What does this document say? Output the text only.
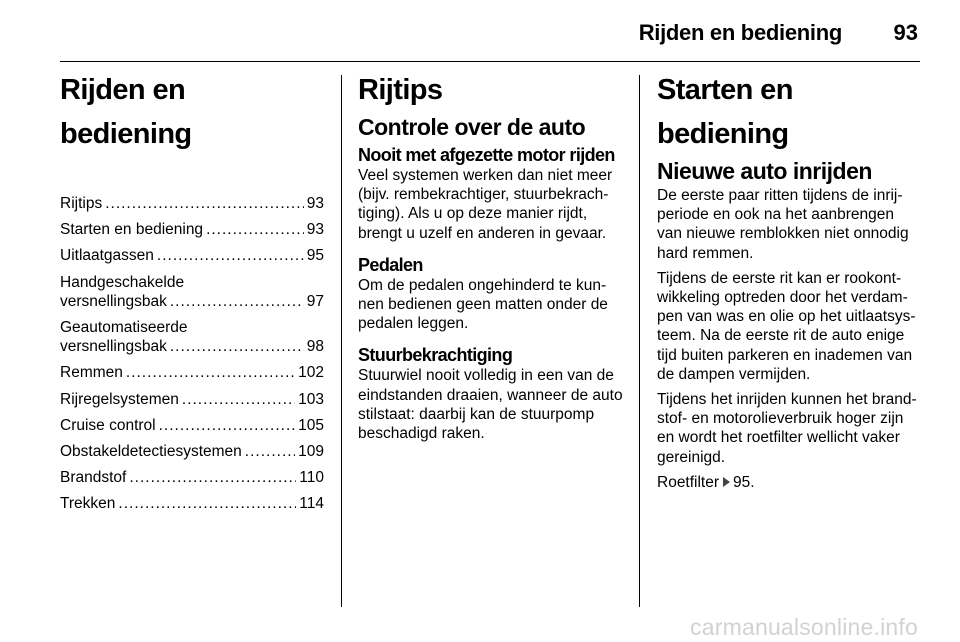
Rijden en bediening 93
Rijden en bediening
Rijtips .....	93
Starten en bediening .....	93
Uitlaatgassen .....	95
Handgeschakelde
versnellingsbak .....	97
Geautomatiseerde
versnellingsbak .....	98
Remmen .....	102
Rijregelsystemen .....	103
Cruise control .....	105
Obstakeldetectiesystemen .....	109
Brandstof .....	110
Trekken .....	114
Rijtips
Controle over de auto
Nooit met afgezette motor rijden

Veel systemen werken dan niet meer (bijv. rembekrachtiger, stuurbekrachtiging). Als u op deze manier rijdt, brengt u uzelf en anderen in gevaar.

Pedalen

Om de pedalen ongehinderd te kunnen bedienen geen matten onder de pedalen leggen.

Stuurbekrachtiging

Stuurwiel nooit volledig in een van de eindstanden draaien, wanneer de auto stilstaat: daarbij kan de stuurpomp beschadigd raken.

Starten en bediening
Nieuwe auto inrijden

De eerste paar ritten tijdens de inrijperiode en ook na het aanbrengen van nieuwe remblokken niet onnodig hard remmen.

Tijdens de eerste rit kan er rookontwikkeling optreden door het verdampen van was en olie op het uitlaatsysteem. Na de eerste rit de auto enige tijd buiten parkeren en inademen van de dampen vermijden.

Tijdens het inrijden kunnen het brandstof- en motorolieverbruik hoger zijn en wordt het roetfilter wellicht vaker gereinigd.

Roetfilter 95.

carmanualsonline.info
